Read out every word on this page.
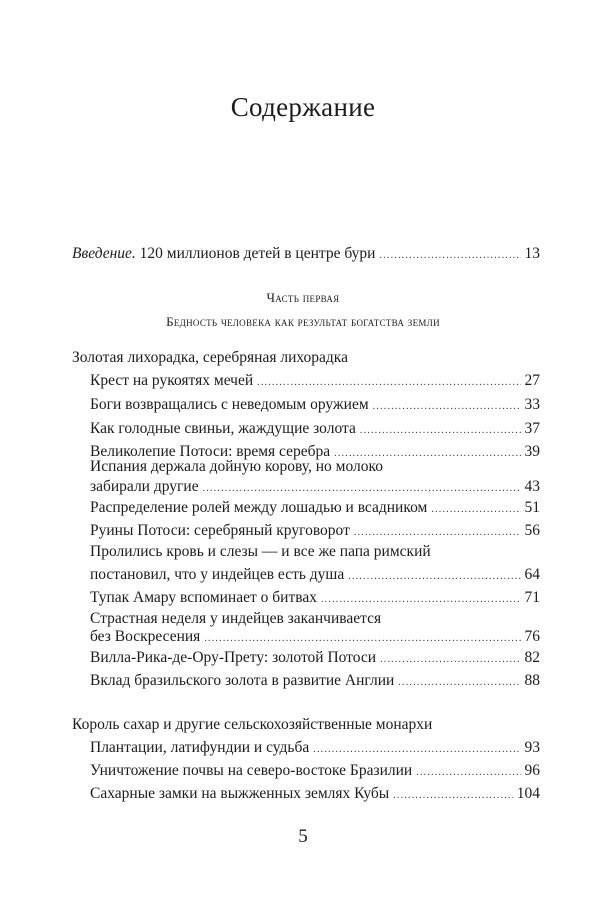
Содержание
Введение. 120 миллионов детей в центре бури .....	13
Часть первая
Бедность человека как результат богатства земли
Золотая лихорадка, серебряная лихорадка
Крест на рукоятях мечей .....	27
Боги возвращались с неведомым оружием .....	33
Как голодные свиньи, жаждущие золота .....	37
Великолепие Потоси: время серебра .....	39
Испания держала дойную корову, но молоко
забирали другие .....	43
Распределение ролей между лошадью и всадником .....	51
Руины Потоси: серебряный круговорот .....	56
Пролились кровь и слезы — и все же папа римский
постановил, что у индейцев есть душа .....	64
Тупак Амару вспоминает о битвах .....	71
Страстная неделя у индейцев заканчивается
без Воскресения .....	76
Вилла-Рика-де-Ору-Прету: золотой Потоси .....	82
Вклад бразильского золота в развитие Англии .....	88
Король сахар и другие сельскохозяйственные монархи
Плантации, латифундии и судьба .....	93
Уничтожение почвы на северо-востоке Бразилии .....	96
Сахарные замки на выжженных землях Кубы .....	104
5
